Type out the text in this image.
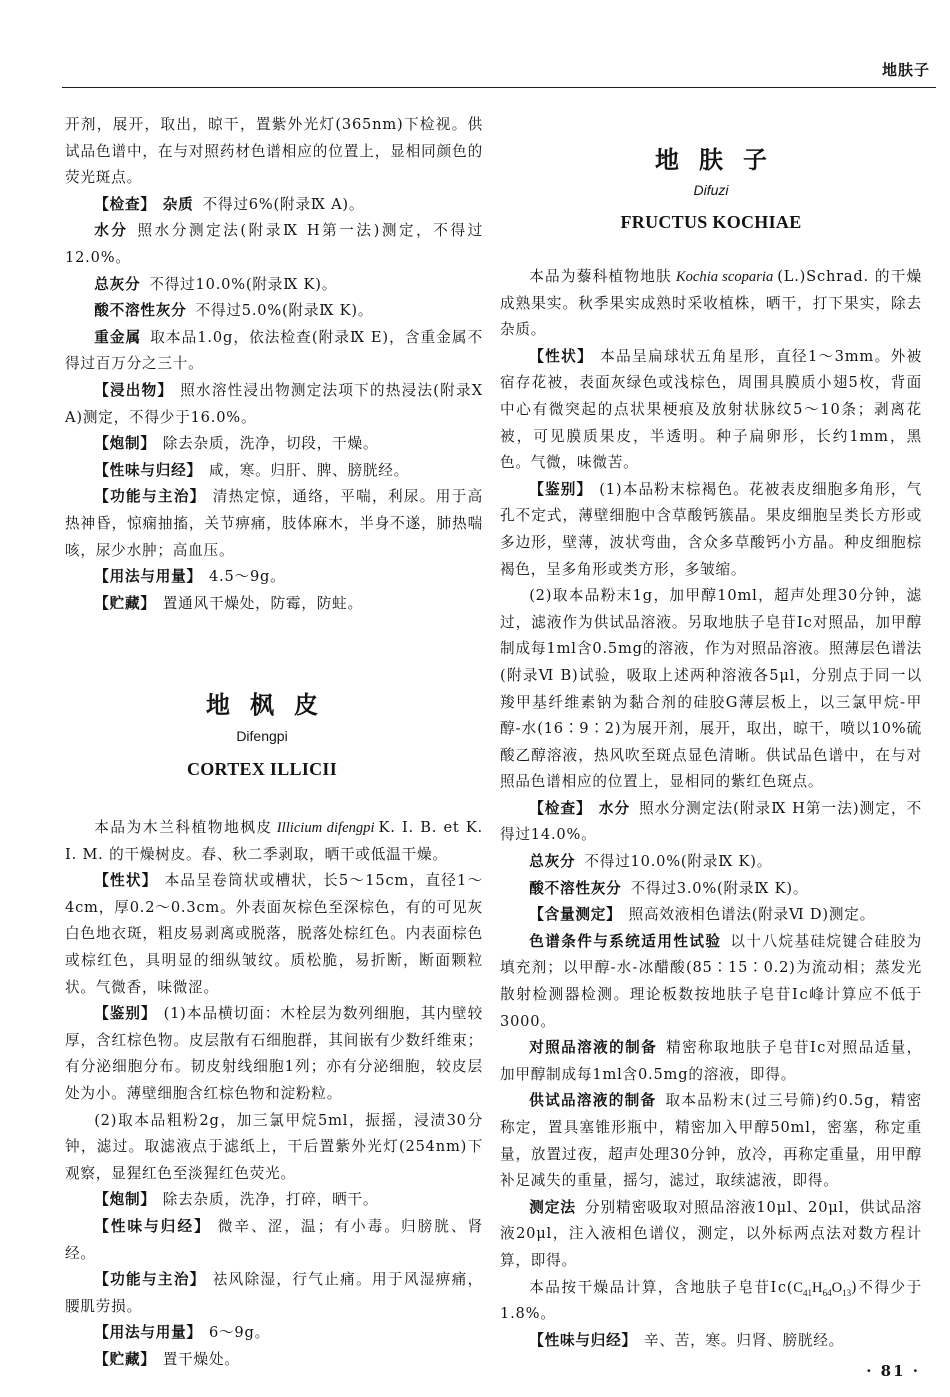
地肤子

开剂，展开，取出，晾干，置紫外光灯(365nm)下检视。供试品色谱中，在与对照药材色谱相应的位置上，显相同颜色的荧光斑点。

【检查】 杂质 不得过6%(附录Ⅸ A)。

水分 照水分测定法(附录Ⅸ H第一法)测定，不得过12.0%。

总灰分 不得过10.0%(附录Ⅸ K)。

酸不溶性灰分 不得过5.0%(附录Ⅸ K)。

重金属 取本品1.0g，依法检查(附录Ⅸ E)，含重金属不得过百万分之三十。

【浸出物】 照水溶性浸出物测定法项下的热浸法(附录Ⅹ A)测定，不得少于16.0%。

【炮制】 除去杂质，洗净，切段，干燥。

【性味与归经】 咸，寒。归肝、脾、膀胱经。

【功能与主治】 清热定惊，通络，平喘，利尿。用于高热神昏，惊痫抽搐，关节痹痛，肢体麻木，半身不遂，肺热喘咳，尿少水肿；高血压。

【用法与用量】 4.5～9g。

【贮藏】 置通风干燥处，防霉，防蛀。

地枫皮
Difengpi
CORTEX ILLICII

本品为木兰科植物地枫皮 Illicium difengpi K. I. B. et K. I. M. 的干燥树皮。春、秋二季剥取，晒干或低温干燥。

【性状】 本品呈卷筒状或槽状，长5～15cm，直径1～4cm，厚0.2～0.3cm。外表面灰棕色至深棕色，有的可见灰白色地衣斑，粗皮易剥离或脱落，脱落处棕红色。内表面棕色或棕红色，具明显的细纵皱纹。质松脆，易折断，断面颗粒状。气微香，味微涩。

【鉴别】 (1)本品横切面：木栓层为数列细胞，其内壁较厚，含红棕色物。皮层散有石细胞群，其间嵌有少数纤维束；有分泌细胞分布。韧皮射线细胞1列；亦有分泌细胞，较皮层处为小。薄壁细胞含红棕色物和淀粉粒。

(2)取本品粗粉2g，加三氯甲烷5ml，振摇，浸渍30分钟，滤过。取滤液点于滤纸上，干后置紫外光灯(254nm)下观察，显猩红色至淡猩红色荧光。

【炮制】 除去杂质，洗净，打碎，晒干。

【性味与归经】 微辛、涩，温；有小毒。归膀胱、肾经。

【功能与主治】 祛风除湿，行气止痛。用于风湿痹痛，腰肌劳损。

【用法与用量】 6～9g。

【贮藏】 置干燥处。

地肤子
Difuzi
FRUCTUS KOCHIAE

本品为藜科植物地肤 Kochia scoparia (L.)Schrad. 的干燥成熟果实。秋季果实成熟时采收植株，晒干，打下果实，除去杂质。

【性状】 本品呈扁球状五角星形，直径1～3mm。外被宿存花被，表面灰绿色或浅棕色，周围具膜质小翅5枚，背面中心有微突起的点状果梗痕及放射状脉纹5～10条；剥离花被，可见膜质果皮，半透明。种子扁卵形，长约1mm，黑色。气微，味微苦。

【鉴别】 (1)本品粉末棕褐色。花被表皮细胞多角形，气孔不定式，薄壁细胞中含草酸钙簇晶。果皮细胞呈类长方形或多边形，壁薄，波状弯曲，含众多草酸钙小方晶。种皮细胞棕褐色，呈多角形或类方形，多皱缩。

(2)取本品粉末1g，加甲醇10ml，超声处理30分钟，滤过，滤液作为供试品溶液。另取地肤子皂苷Ⅰc对照品，加甲醇制成每1ml含0.5mg的溶液，作为对照品溶液。照薄层色谱法(附录Ⅵ B)试验，吸取上述两种溶液各5μl，分别点于同一以羧甲基纤维素钠为黏合剂的硅胶G薄层板上，以三氯甲烷-甲醇-水(16∶9∶2)为展开剂，展开，取出，晾干，喷以10%硫酸乙醇溶液，热风吹至斑点显色清晰。供试品色谱中，在与对照品色谱相应的位置上，显相同的紫红色斑点。

【检查】 水分 照水分测定法(附录Ⅸ H第一法)测定，不得过14.0%。

总灰分 不得过10.0%(附录Ⅸ K)。

酸不溶性灰分 不得过3.0%(附录Ⅸ K)。

【含量测定】 照高效液相色谱法(附录Ⅵ D)测定。

色谱条件与系统适用性试验 以十八烷基硅烷键合硅胶为填充剂；以甲醇-水-冰醋酸(85∶15∶0.2)为流动相；蒸发光散射检测器检测。理论板数按地肤子皂苷Ⅰc峰计算应不低于3000。

对照品溶液的制备 精密称取地肤子皂苷Ⅰc对照品适量，加甲醇制成每1ml含0.5mg的溶液，即得。

供试品溶液的制备 取本品粉末(过三号筛)约0.5g，精密称定，置具塞锥形瓶中，精密加入甲醇50ml，密塞，称定重量，放置过夜，超声处理30分钟，放冷，再称定重量，用甲醇补足减失的重量，摇匀，滤过，取续滤液，即得。

测定法 分别精密吸取对照品溶液10μl、20μl，供试品溶液20μl，注入液相色谱仪，测定，以外标两点法对数方程计算，即得。

本品按干燥品计算，含地肤子皂苷$Ⅰc(C_{41}H_{64}O_{13})$不得少于1.8%。

【性味与归经】 辛、苦，寒。归肾、膀胱经。

· 81 ·
